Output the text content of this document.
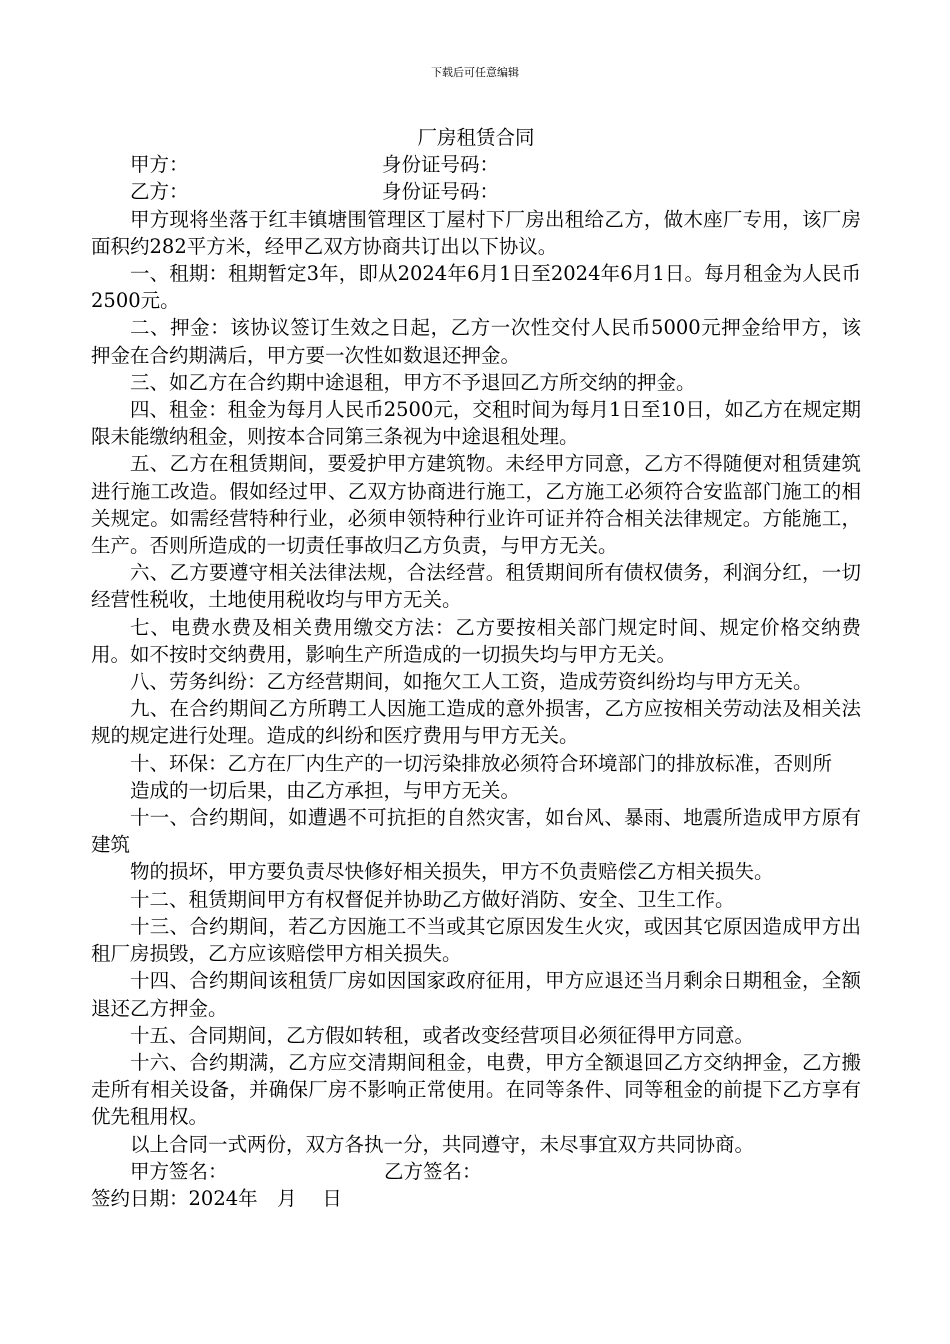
下载后可任意编辑
厂房租赁合同
甲方：	身份证号码：
乙方：	身份证号码：

甲方现将坐落于红丰镇塘围管理区丁屋村下厂房出租给乙方，做木座厂专用，该厂房面积约282平方米，经甲乙双方协商共订出以下协议。

一、租期：租期暂定3年，即从2024年6月1日至2024年6月1日。每月租金为人民币2500元。

二、押金：该协议签订生效之日起，乙方一次性交付人民币5000元押金给甲方，该押金在合约期满后，甲方要一次性如数退还押金。

三、如乙方在合约期中途退租，甲方不予退回乙方所交纳的押金。

四、租金：租金为每月人民币2500元，交租时间为每月1日至10日，如乙方在规定期限未能缴纳租金，则按本合同第三条视为中途退租处理。

五、乙方在租赁期间，要爱护甲方建筑物。未经甲方同意，乙方不得随便对租赁建筑进行施工改造。假如经过甲、乙双方协商进行施工，乙方施工必须符合安监部门施工的相关规定。如需经营特种行业，必须申领特种行业许可证并符合相关法律规定。方能施工，生产。否则所造成的一切责任事故归乙方负责，与甲方无关。

六、乙方要遵守相关法律法规，合法经营。租赁期间所有债权债务，利润分红，一切经营性税收，土地使用税收均与甲方无关。

七、电费水费及相关费用缴交方法：乙方要按相关部门规定时间、规定价格交纳费用。如不按时交纳费用，影响生产所造成的一切损失均与甲方无关。

八、劳务纠纷：乙方经营期间，如拖欠工人工资，造成劳资纠纷均与甲方无关。

九、在合约期间乙方所聘工人因施工造成的意外损害，乙方应按相关劳动法及相关法规的规定进行处理。造成的纠纷和医疗费用与甲方无关。

十、环保：乙方在厂内生产的一切污染排放必须符合环境部门的排放标准，否则所

造成的一切后果，由乙方承担，与甲方无关。

十一、合约期间，如遭遇不可抗拒的自然灾害，如台风、暴雨、地震所造成甲方原有建筑

物的损坏，甲方要负责尽快修好相关损失，甲方不负责赔偿乙方相关损失。

十二、租赁期间甲方有权督促并协助乙方做好消防、安全、卫生工作。

十三、合约期间，若乙方因施工不当或其它原因发生火灾，或因其它原因造成甲方出租厂房损毁，乙方应该赔偿甲方相关损失。

十四、合约期间该租赁厂房如因国家政府征用，甲方应退还当月剩余日期租金，全额退还乙方押金。

十五、合同期间，乙方假如转租，或者改变经营项目必须征得甲方同意。

十六、合约期满，乙方应交清期间租金，电费，甲方全额退回乙方交纳押金，乙方搬走所有相关设备，并确保厂房不影响正常使用。在同等条件、同等租金的前提下乙方享有优先租用权。

以上合同一式两份，双方各执一分，共同遵守，未尽事宜双方共同协商。

甲方签名：	乙方签名：

签约日期：2024年　月　 日
